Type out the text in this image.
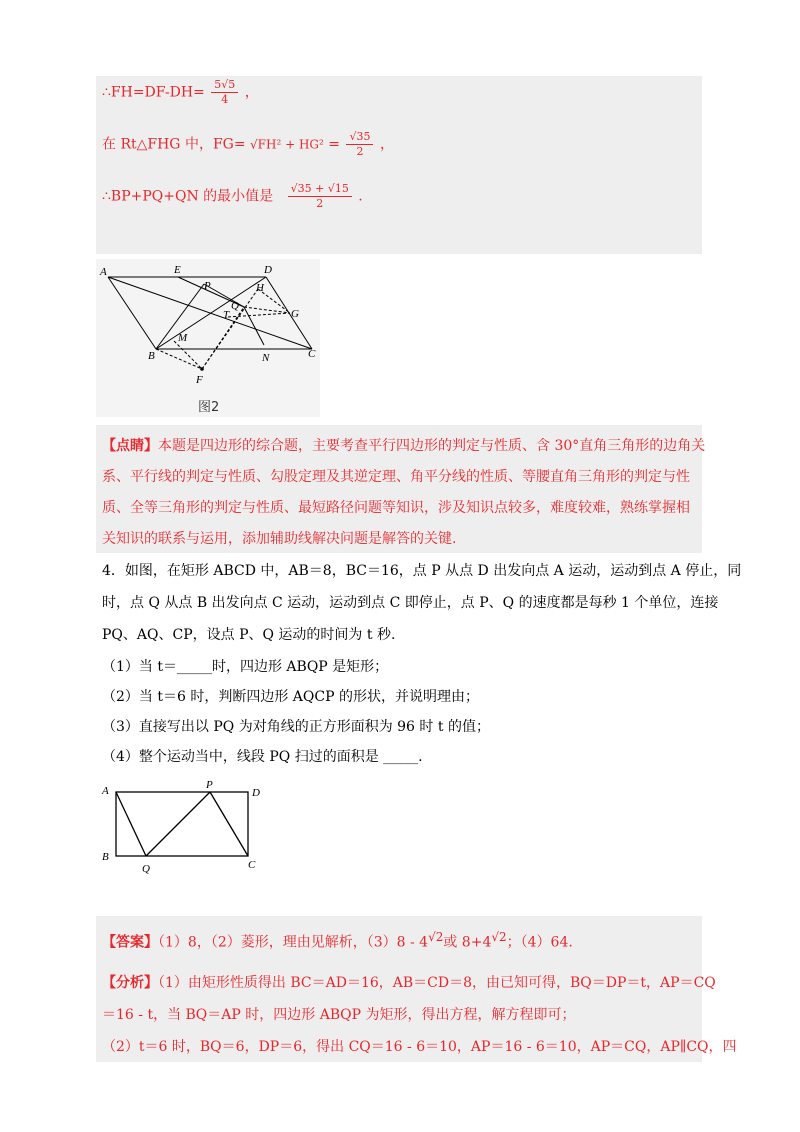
∴FH=DF-DH= $\frac{5√5}{4}$ ，
在 Rt△FHG 中，$FG= √FH^2 + HG^2 = \frac{√35}{2}$ ，
∴BP+PQ+QN 的最小值是 $\frac{√35 + √15}{2}$ .
A	E	D
H
P
Q
T	G
M
B	N	C
F
图2
【点睛】本题是四边形的综合题，主要考查平行四边形的判定与性质、含 30°直角三角形的边角关
系、平行线的判定与性质、勾股定理及其逆定理、角平分线的性质、等腰直角三角形的判定与性
质、全等三角形的判定与性质、最短路径问题等知识，涉及知识点较多，难度较难，熟练掌握相
关知识的联系与运用，添加辅助线解决问题是解答的关键.
4．如图，在矩形 ABCD 中，AB＝8，BC＝16，点 P 从点 D 出发向点 A 运动，运动到点 A 停止，同
时，点 Q 从点 B 出发向点 C 运动，运动到点 C 即停止，点 P、Q 的速度都是每秒 1 个单位，连接
PQ、AQ、CP，设点 P、Q 运动的时间为 t 秒.
（1）当 t＝_____时，四边形 ABQP 是矩形；
（2）当 t＝6 时，判断四边形 AQCP 的形状，并说明理由；
（3）直接写出以 PQ 为对角线的正方形面积为 96 时 t 的值；
（4）整个运动当中，线段 PQ 扫过的面积是 _____.
A	P
D
B
Q	C
【答案】（1）8，（2）菱形，理由见解析，$(3)8 - 4^{√2}$或 $8+4^{√2}$；（4）64.
【分析】（1）由矩形性质得出 BC＝AD＝16，AB＝CD＝8，由已知可得，BQ＝DP＝t，AP＝CQ
＝16 - t，当 BQ＝AP 时，四边形 ABQP 为矩形，得出方程，解方程即可；
（2）t＝6 时，BQ＝6，DP＝6，得出 CQ＝16 - 6＝10，AP＝16 - 6＝10，AP＝CQ，AP∥CQ，四
